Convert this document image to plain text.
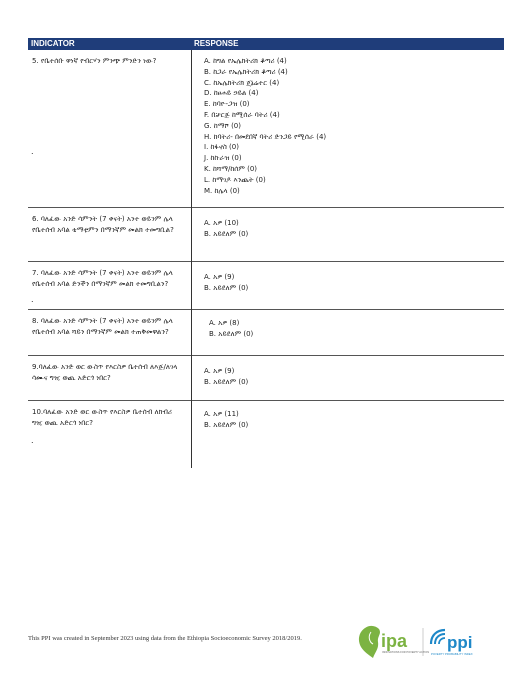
INDICATOR	RESPONSE
5. የቤተሰቡ ዋነኛ የብርሃን ምንጭ ምንድን ነው?
.
A. ከግል የኤሌክትሪክ ቆጣሪ (4)
B. ከጋራ የኤሌክትሪክ ቆጣሪ (4)
C. ከኤሌክትሪክ ጄኔሬተር (4)
D. ከፀሐይ ኃይል (4)
E. ከባዮ-ጋዝ (0)
F. በቻርጅ ከሚሰራ ባትሪ (4)
G. ከማሾ (0)
H. ከባትሪ- በመደበኛ ባትሪ ድንጋይ የሚሰራ (4)
I. ከፋኖስ (0)
J. ከኩራዝ (0)
K. ከሻማ/ከሰም (0)
L. ከማገዶ እንጨት (0)
M. ከሌላ (0)
6. ባለፈው አንድ ሳምንት (7 ቀናት) አንተ ወይንም ሌላ የቤተሰብ አባል ቴማቲምን በማንኛም መልክ ተመግቢል?
A. አዎ (10)
B. አይደለም (0)
7. ባለፈው አንድ ሳምንት (7 ቀናት) አንተ ወይንም ሌላ የቤተሰብ አባል ድንችን በማንኛም መልክ ተመግቢልን?
.
A. አዎ (9)
B. አይደለም (0)
8. ባለፈው አንድ ሳምንት (7 ቀናት) አንተ ወይንም ሌላ የቤተሰብ አባል ሻይን በማንኛም መልክ ተጠቅመዋልን?
A. አዎ (8)
B. አይደለም (0)
9.ባለፈው አንድ ወር ውስጥ የእርስዎ ቤተሰብ ለእጅ/ለገላ ሳሙና ግዢ ወጪ አድርጎ ነበር?
A. አዎ (9)
B. አይደለም (0)
10.ባለፈው አንድ ወር ውስጥ የእርስዎ ቤተሰብ ለክብሪ ግዢ ወጪ አድርጎ ነበር?
.
A. አዎ (11)
B. አይደለም (0)
This PPI was created in September 2023 using data from the Ethiopia Socioeconomic Survey 2018/2019.	ipa
INNOVATIONS FOR POVERTY ACTION
ppi
POVERTY PROBABILITY INDEX
